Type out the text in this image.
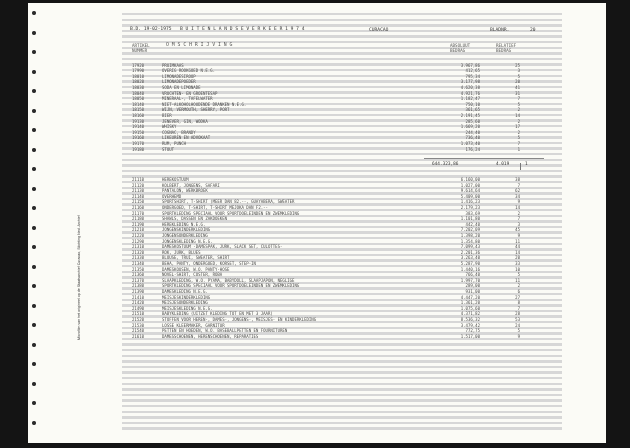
Microfilm van het origineel op de Staatsarchief Curacao, Stichting Ned. Archief
B.D. 19-02-1975 B U I T E N L A N D S E V E R K E E R 1 9 7 4	CURACAO	BLADNR.	20
ARTIKEL
NUMMER
O M S C H R I J V I N G	ABSOLUUT
BEDRAG
RELATIEF
BEDRAG
17920	PRUIMKAAS	3.967,86	25
17990	OVERIG ROOKGOED N.E.G.	412,65	3
18010	LIMONADESIROOP	795,34	5
18020	LIMONADEPOEDER	3.177,98	20
18030	SODA EN LIMONADE	4.620,38	41
18040	VRUCHTEN- EN GROENTESAP	4.921,76	31
18050	MINERAAL-, TAFELWATER	1.182,47	7
18140	NIET-ALKOHOLHOUDENDE DRANKEN N.E.G.	750,10	5
18150	WIJN, VERMOUTH, SHERRY, PORT	361,65	2
18160	BIER	2.191,45	14
19130	JENEVER, GIN, WODKA	285,60	2
19140	WHISKY	1.669,20	17
19150	COGNAC, BRANDY	244,40	2
19160	LIKEUREN EN ADVOKAAT	736,40	5
19170	RUM, PUNCH	1.073,40	7
19180	STOUT	176,24	1
644.323,86	4.019	1
21110	HEREKOSTUUM	6.160,00	38
21120	KOLBERT, JONGENS, SAFARI	1.027,00	7
21130	PANTALON, WERKBROEK	9.614,64	62
21140	OVERHEMD	5.409,00	34
21150	SPORTSHIRT, T-SHIRT (MEER DAN 82.--, GUAYABERA, SWEATER	1.416,23	9
21160	ONDERGOED, T-SHIRT, T-SHIRT MEJOKA DAN F2.--	2.179,23	14
21170	SPORTKLEDING SPECIAAL VOOR SPORTDOELEINDEN EN ZWEMKLEDING	383,69	2
21180	SHAWLS, DASSEN EN ZAKDOEKEN	1.101,80	7
21190	HEREKLEDING N.E.G.	442,40	3
21210	JONGENSKINDERKLEDING	7.202,09	45
21220	JONGENSONDERKLEDING	1.398,20	9
21290	JONGENSKLEDING N.E.G.	1.354,80	11
21310	DAMESKOSTUUM -DAMESPAK, JURK, SLACK SET, CULOTTES-	7.099,43	44
21320	ROK, JURK, BLUES	2.201,36	14
21330	BLOUSE, TRUI, SWEATER, SHIRT	3.263,40	20
21340	BEHA, PANTY, ONDERGOED, KORSET, STEP-IN	5.287,90	33
21350	DAMESKOUSEN, W.O. PANTY-HOSE	1.440,16	10
21360	NOVEL-SHIRT, COSTER, ROBA	766,40	5
21370	SLAAPKLEDING, W.O. PYAMA, BABYDOLL, SLAAPJAPON, NEGLIGE	1.997,70	11
21380	SPORTKLEDING SPECIAAL VOOR SPORTDOELEINDEN EN ZWEMKLEDING	289,00	2
21390	DAMESKLEDING N.E.G.	931,00	6
21410	MEISJESKINDERKLEDING	4.447,20	27
21420	MEISJESONDERKLEDING	1.361,20	8
21490	MEISJESKLEDING N.E.G.	1.075,60	7
21510	BABYKLEDING (UITZET KLEDING TOT EN MET 3 JAAR)	4.371,82	28
21520	STOFFEN VOOR HEREN-, DAMES-, JONGENS-, MEISJES- EN KINDERKLEDING	8.536,32	53
21530	LOSSE KLEERMAKER, GARNITUR	3.479,42	24
21540	PETTEN EN HOEDEN, W.O. BASEBALLPETTEN EN FOURNITUREN	772,75	5
21610	DAMESSCHOENEN, HERENSCHOENEN, REPARATIES	1.517,00	9
